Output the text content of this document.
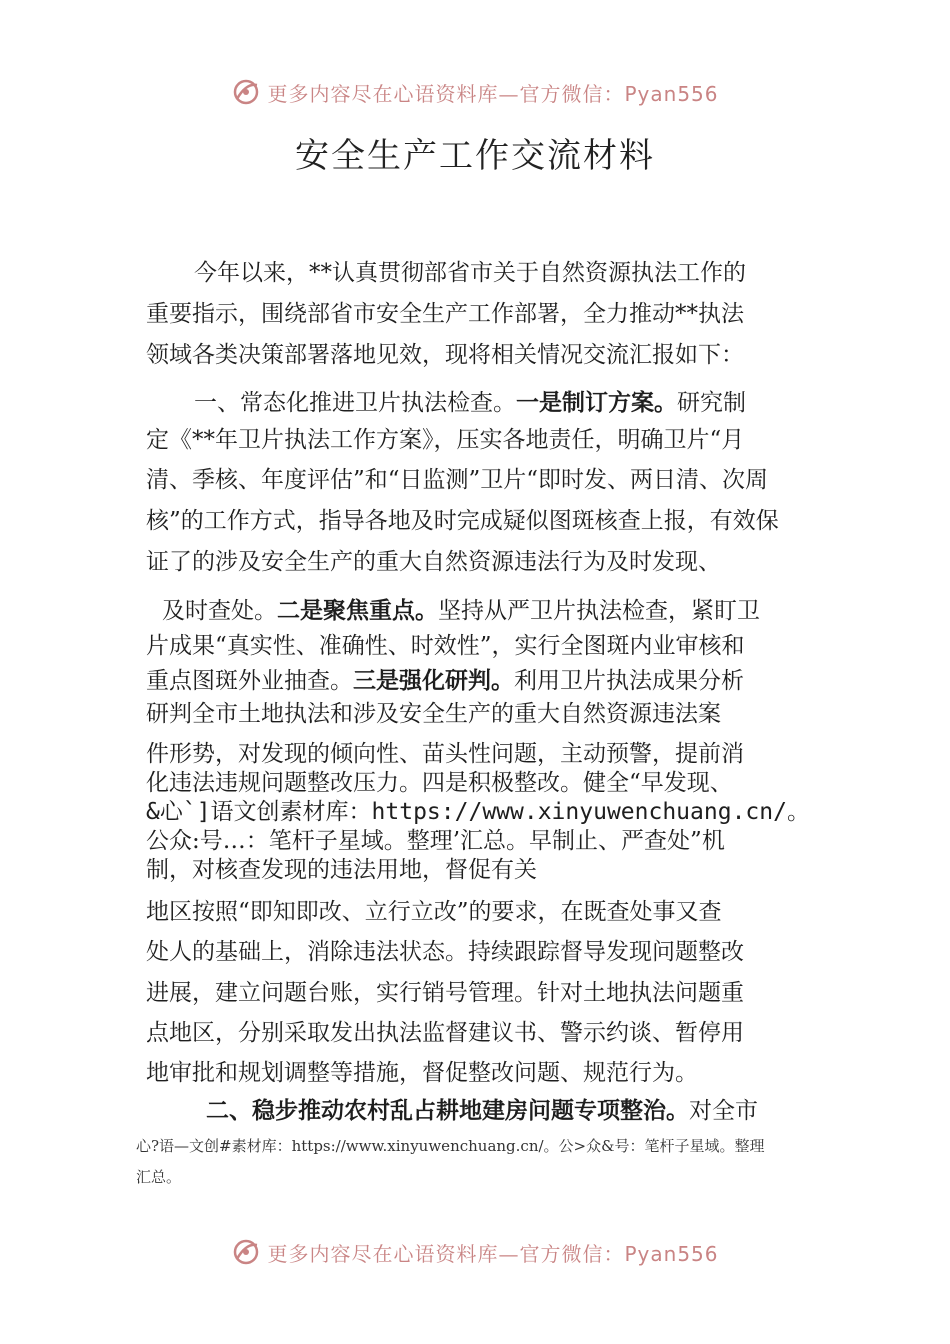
更多内容尽在心语资料库—官方微信：Pyan556
安全生产工作交流材料

今年以来，**认真贯彻部省市关于自然资源执法工作的

重要指示，围绕部省市安全生产工作部署，全力推动**执法

领域各类决策部署落地见效，现将相关情况交流汇报如下：

一、常态化推进卫片执法检查。一是制订方案。研究制

定《**年卫片执法工作方案》，压实各地责任，明确卫片“月

清、季核、年度评估”和“日监测”卫片“即时发、两日清、次周

核”的工作方式，指导各地及时完成疑似图斑核查上报，有效保

证了的涉及安全生产的重大自然资源违法行为及时发现、

及时查处。二是聚焦重点。坚持从严卫片执法检查，紧盯卫

片成果“真实性、准确性、时效性”，实行全图斑内业审核和

重点图斑外业抽查。三是强化研判。利用卫片执法成果分析

研判全市土地执法和涉及安全生产的重大自然资源违法案

件形势，对发现的倾向性、苗头性问题，主动预警，提前消

化违法违规问题整改压力。四是积极整改。健全“早发现、

&心`]语文创素材库：https://www.xinyuwenchuang.cn/。

公众:号…：笔杆子星域。整理’汇总。早制止、严查处”机

制，对核查发现的违法用地，督促有关

地区按照“即知即改、立行立改”的要求，在既查处事又查

处人的基础上，消除违法状态。持续跟踪督导发现问题整改

进展，建立问题台账，实行销号管理。针对土地执法问题重

点地区，分别采取发出执法监督建议书、警示约谈、暂停用

地审批和规划调整等措施，督促整改问题、规范行为。

二、稳步推动农村乱占耕地建房问题专项整治。对全市

心?语—文创#素材库：https://www.xinyuwenchuang.cn/。公>众&号：笔杆子星域。整理

汇总。

更多内容尽在心语资料库—官方微信：Pyan556
